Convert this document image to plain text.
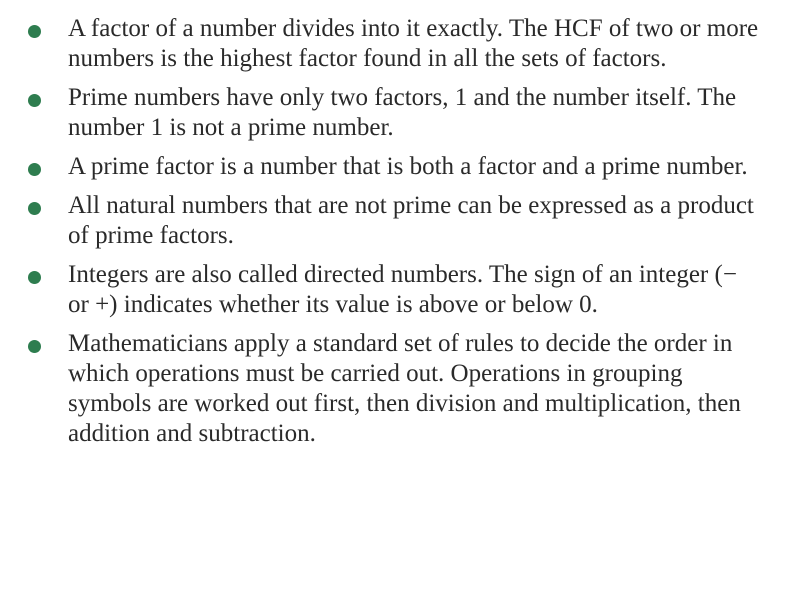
A factor of a number divides into it exactly. The HCF of two or more numbers is the highest factor found in all the sets of factors.
Prime numbers have only two factors, 1 and the number itself. The number 1 is not a prime number.
A prime factor is a number that is both a factor and a prime number.
All natural numbers that are not prime can be expressed as a product of prime factors.
Integers are also called directed numbers. The sign of an integer (− or +) indicates whether its value is above or below 0.
Mathematicians apply a standard set of rules to decide the order in which operations must be carried out. Operations in grouping symbols are worked out first, then division and multiplication, then addition and subtraction.
